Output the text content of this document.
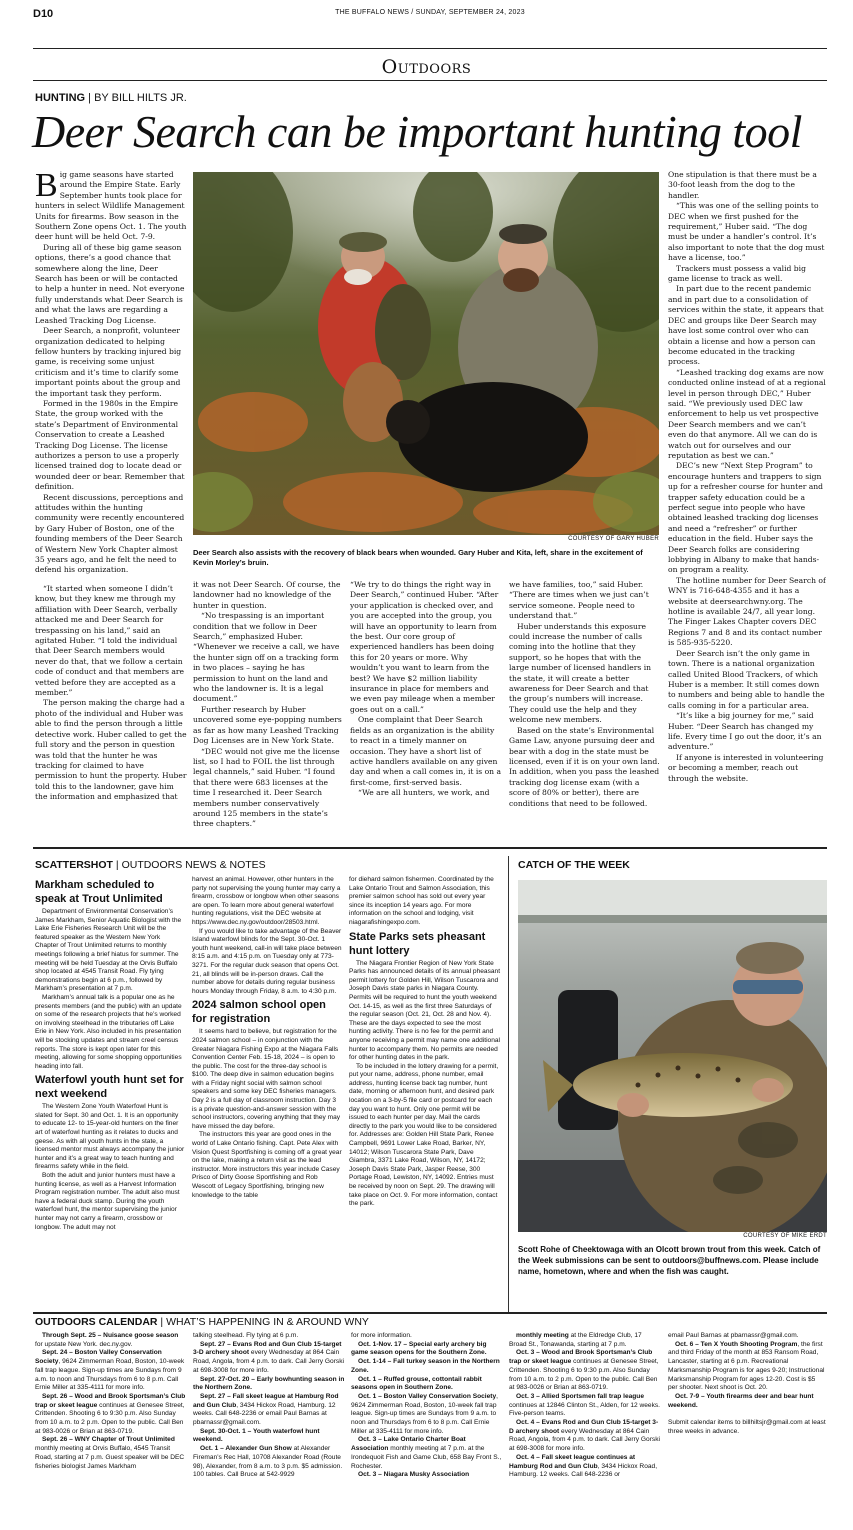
D10	THE BUFFALO NEWS / SUNDAY, SEPTEMBER 24, 2023
Outdoors
HUNTING | BY BILL HILTS JR.
Deer Search can be important hunting tool
B ig game seasons have started around the Empire State. Early September hunts took place for hunters in select Wildlife Management Units for firearms. Bow season in the Southern Zone opens Oct. 1. The youth deer hunt will be held Oct. 7-9.

During all of these big game season options, there’s a good chance that somewhere along the line, Deer Search has been or will be contacted to help a hunter in need. Not everyone fully understands what Deer Search is and what the laws are regarding a Leashed Tracking Dog License.

Deer Search, a nonprofit, volunteer organization dedicated to helping fellow hunters by tracking injured big game, is receiving some unjust criticism and it’s time to clarify some important points about the group and the important task they perform.

Formed in the 1980s in the Empire State, the group worked with the state’s Department of Environmental Conservation to create a Leashed Tracking Dog License. The license authorizes a person to use a properly licensed trained dog to locate dead or wounded deer or bear. Remember that definition.

Recent discussions, perceptions and attitudes within the hunting community were recently encountered by Gary Huber of Boston, one of the founding members of the Deer Search of Western New York Chapter almost 35 years ago, and he felt the need to defend his organization.

“It started when someone I didn’t know, but they knew me through my affiliation with Deer Search, verbally attacked me and Deer Search for trespassing on his land,” said an agitated Huber. “I told the individual that Deer Search members would never do that, that we follow a certain code of conduct and that members are vetted before they are accepted as a member.”

The person making the charge had a photo of the individual and Huber was able to find the person through a little detective work. Huber called to get the full story and the person in question was told that the hunter he was tracking for claimed to have permission to hunt the property. Huber told this to the landowner, gave him the information and emphasized that

COURTESY OF GARY HUBER
Deer Search also assists with the recovery of black bears when wounded. Gary Huber and Kita, left, share in the excitement of Kevin Morley’s bruin.

it was not Deer Search. Of course, the landowner had no knowledge of the hunter in question.

“No trespassing is an important condition that we follow in Deer Search,” emphasized Huber. “Whenever we receive a call, we have the hunter sign off on a tracking form in two places – saying he has permission to hunt on the land and who the landowner is. It is a legal document.”

Further research by Huber uncovered some eye-popping numbers as far as how many Leashed Tracking Dog Licenses are in New York State.

“DEC would not give me the license list, so I had to FOIL the list through legal channels,” said Huber. “I found that there were 683 licenses at the time I researched it. Deer Search members number conservatively around 125 members in the state’s three chapters.”

“We try to do things the right way in Deer Search,” continued Huber. “After your application is checked over, and you are accepted into the group, you will have an opportunity to learn from the best. Our core group of experienced handlers has been doing this for 20 years or more. Why wouldn’t you want to learn from the best? We have $2 million liability insurance in place for members and we even pay mileage when a member goes out on a call.”

One complaint that Deer Search fields as an organization is the ability to react in a timely manner on occasion. They have a short list of active handlers available on any given day and when a call comes in, it is on a first-come, first-served basis.

“We are all hunters, we work, and

we have families, too,” said Huber. “There are times when we just can’t service someone. People need to understand that.”

Huber understands this exposure could increase the number of calls coming into the hotline that they support, so he hopes that with the large number of licensed handlers in the state, it will create a better awareness for Deer Search and that the group’s numbers will increase. They could use the help and they welcome new members.

Based on the state’s Environmental Game Law, anyone pursuing deer and bear with a dog in the state must be licensed, even if it is on your own land. In addition, when you pass the leashed tracking dog license exam (with a score of 80% or better), there are conditions that need to be followed.

One stipulation is that there must be a 30-foot leash from the dog to the handler.

“This was one of the selling points to DEC when we first pushed for the requirement,” Huber said. “The dog must be under a handler’s control. It’s also important to note that the dog must have a license, too.”

Trackers must possess a valid big game license to track as well.

In part due to the recent pandemic and in part due to a consolidation of services within the state, it appears that DEC and groups like Deer Search may have lost some control over who can obtain a license and how a person can become educated in the tracking process.

“Leashed tracking dog exams are now conducted online instead of at a regional level in person through DEC,” Huber said. “We previously used DEC law enforcement to help us vet prospective Deer Search members and we can’t even do that anymore. All we can do is watch out for ourselves and our reputation as best we can.”

DEC’s new “Next Step Program” to encourage hunters and trappers to sign up for a refresher course for hunter and trapper safety education could be a perfect segue into people who have obtained leashed tracking dog licenses and need a “refresher” or further education in the field. Huber says the Deer Search folks are considering lobbying in Albany to make that hands-on program a reality.

The hotline number for Deer Search of WNY is 716-648-4355 and it has a website at deersearchwny.org. The hotline is available 24/7, all year long. The Finger Lakes Chapter covers DEC Regions 7 and 8 and its contact number is 585-935-5220.

Deer Search isn’t the only game in town. There is a national organization called United Blood Trackers, of which Huber is a member. It still comes down to numbers and being able to handle the calls coming in for a particular area.

“It’s like a big journey for me,” said Huber. “Deer Search has changed my life. Every time I go out the door, it’s an adventure.”

If anyone is interested in volunteering or becoming a member, reach out through the website.

SCATTERSHOT | OUTDOORS NEWS & NOTES
Markham scheduled to speak at Trout Unlimited

Department of Environmental Conservation’s James Markham, Senior Aquatic Biologist with the Lake Erie Fisheries Research Unit will be the featured speaker as the Western New York Chapter of Trout Unlimited returns to monthly meetings following a brief hiatus for summer. The meeting will be held Tuesday at the Orvis Buffalo shop located at 4545 Transit Road. Fly tying demonstrations begin at 6 p.m., followed by Markham’s presentation at 7 p.m.

Markham’s annual talk is a popular one as he presents members (and the public) with an update on some of the research projects that he’s worked on involving steelhead in the tributaries off Lake Erie in New York. Also included in his presentation will be stocking updates and stream creel census reports. The store is kept open later for this meeting, allowing for some shopping opportunities heading into fall.

Waterfowl youth hunt set for next weekend

The Western Zone Youth Waterfowl Hunt is slated for Sept. 30 and Oct. 1. It is an opportunity to educate 12- to 15-year-old hunters on the finer art of waterfowl hunting as it relates to ducks and geese. As with all youth hunts in the state, a licensed mentor must always accompany the junior hunter and it’s a great way to teach hunting and firearms safety while in the field.

Both the adult and junior hunters must have a hunting license, as well as a Harvest Information Program registration number. The adult also must have a federal duck stamp. During the youth waterfowl hunt, the mentor supervising the junior hunter may not carry a firearm, crossbow or longbow. The adult may not

harvest an animal. However, other hunters in the party not supervising the young hunter may carry a firearm, crossbow or longbow when other seasons are open. To learn more about general waterfowl hunting regulations, visit the DEC website at https://www.dec.ny.gov/outdoor/28503.html.

If you would like to take advantage of the Beaver Island waterfowl blinds for the Sept. 30-Oct. 1 youth hunt weekend, call-in will take place between 8:15 a.m. and 4:15 p.m. on Tuesday only at 773-3271. For the regular duck season that opens Oct. 21, all blinds will be in-person draws. Call the number above for details during regular business hours Monday through Friday, 8 a.m. to 4:30 p.m.

2024 salmon school open for registration

It seems hard to believe, but registration for the 2024 salmon school – in conjunction with the Greater Niagara Fishing Expo at the Niagara Falls Convention Center Feb. 15-18, 2024 – is open to the public. The cost for the three-day school is $100. The deep dive in salmon education begins with a Friday night social with salmon school speakers and some key DEC fisheries managers. Day 2 is a full day of classroom instruction. Day 3 is a private question-and-answer session with the school instructors, covering anything that they may have missed the day before.

The instructors this year are good ones in the world of Lake Ontario fishing. Capt. Pete Alex with Vision Quest Sportfishing is coming off a great year on the lake, making a return visit as the lead instructor. More instructors this year include Casey Prisco of Dirty Goose Sportfishing and Rob Wescott of Legacy Sportfishing, bringing new knowledge to the table

for diehard salmon fishermen. Coordinated by the Lake Ontario Trout and Salmon Association, this premier salmon school has sold out every year since its inception 14 years ago. For more information on the school and lodging, visit niagarafishingexpo.com.

State Parks sets pheasant hunt lottery

The Niagara Frontier Region of New York State Parks has announced details of its annual pheasant permit lottery for Golden Hill, Wilson Tuscarora and Joseph Davis state parks in Niagara County. Permits will be required to hunt the youth weekend Oct. 14-15, as well as the first three Saturdays of the regular season (Oct. 21, Oct. 28 and Nov. 4). These are the days expected to see the most hunting activity. There is no fee for the permit and anyone receiving a permit may name one additional hunter to accompany them. No permits are needed for other hunting dates in the park.

To be included in the lottery drawing for a permit, put your name, address, phone number, email address, hunting license back tag number, hunt date, morning or afternoon hunt, and desired park location on a 3-by-5 file card or postcard for each day you want to hunt. Only one permit will be issued to each hunter per day. Mail the cards directly to the park you would like to be considered for. Addresses are: Golden Hill State Park, Renee Campbell, 9691 Lower Lake Road, Barker, NY, 14012; Wilson Tuscarora State Park, Dave Giambra, 3371 Lake Road, Wilson, NY, 14172; Joseph Davis State Park, Jasper Reese, 300 Portage Road, Lewiston, NY, 14092. Entries must be received by noon on Sept. 29. The drawing will take place on Oct. 9. For more information, contact the park.

CATCH OF THE WEEK
COURTESY OF MIKE ERDT
Scott Rohe of Cheektowaga with an Olcott brown trout from this week. Catch of the Week submissions can be sent to outdoors@buffnews.com. Please include name, hometown, where and when the fish was caught.
OUTDOORS CALENDAR | WHAT’S HAPPENING IN & AROUND WNY

Through Sept. 25 – Nuisance goose season for upstate New York. dec.ny.gov.

Sept. 24 – Boston Valley Conservation Society, 9624 Zimmerman Road, Boston, 10-week fall trap league. Sign-up times are Sundays from 9 a.m. to noon and Thursdays from 6 to 8 p.m. Call Ernie Miller at 335-4111 for more info.

Sept. 26 – Wood and Brook Sportsman’s Club trap or skeet league continues at Genesee Street, Crittenden. Shooting 6 to 9:30 p.m. Also Sunday from 10 a.m. to 2 p.m. Open to the public. Call Ben at 983-0026 or Brian at 863-0719.

Sept. 26 – WNY Chapter of Trout Unlimited monthly meeting at Orvis Buffalo, 4545 Transit Road, starting at 7 p.m. Guest speaker will be DEC fisheries biologist James Markham

talking steelhead. Fly tying at 6 p.m.

Sept. 27 – Evans Rod and Gun Club 15-target 3-D archery shoot every Wednesday at 864 Cain Road, Angola, from 4 p.m. to dark. Call Jerry Gorski at 698-3008 for more info.

Sept. 27-Oct. 20 – Early bowhunting season in the Northern Zone.

Sept. 27 – Fall skeet league at Hamburg Rod and Gun Club, 3434 Hickox Road, Hamburg. 12 weeks. Call 648-2236 or email Paul Barnas at pbarnassr@gmail.com.

Sept. 30-Oct. 1 – Youth waterfowl hunt weekend.

Oct. 1 – Alexander Gun Show at Alexander Fireman’s Rec Hall, 10708 Alexander Road (Route 98), Alexander, from 8 a.m. to 3 p.m. $5 admission. 100 tables. Call Bruce at 542-9929

for more information.

Oct. 1-Nov. 17 – Special early archery big game season opens for the Southern Zone.

Oct. 1-14 – Fall turkey season in the Northern Zone.

Oct. 1 – Ruffed grouse, cottontail rabbit seasons open in Southern Zone.

Oct. 1 – Boston Valley Conservation Society, 9624 Zimmerman Road, Boston, 10-week fall trap league. Sign-up times are Sundays from 9 a.m. to noon and Thursdays from 6 to 8 p.m. Call Ernie Miller at 335-4111 for more info.

Oct. 3 – Lake Ontario Charter Boat Association monthly meeting at 7 p.m. at the Irondequoit Fish and Game Club, 658 Bay Front S., Rochester.

Oct. 3 – Niagara Musky Association

monthly meeting at the Eldredge Club, 17 Broad St., Tonawanda, starting at 7 p.m.

Oct. 3 – Wood and Brook Sportsman’s Club trap or skeet league continues at Genesee Street, Crittenden. Shooting 6 to 9:30 p.m. Also Sunday from 10 a.m. to 2 p.m. Open to the public. Call Ben at 983-0026 or Brian at 863-0719.

Oct. 3 – Allied Sportsmen fall trap league continues at 12846 Clinton St., Alden, for 12 weeks. Five-person teams.

Oct. 4 – Evans Rod and Gun Club 15-target 3-D archery shoot every Wednesday at 864 Cain Road, Angola, from 4 p.m. to dark. Call Jerry Gorski at 698-3008 for more info.

Oct. 4 – Fall skeet league continues at Hamburg Rod and Gun Club, 3434 Hickox Road, Hamburg. 12 weeks. Call 648-2236 or

email Paul Barnas at pbarnassr@gmail.com.

Oct. 6 – Ten X Youth Shooting Program, the first and third Friday of the month at 853 Ransom Road, Lancaster, starting at 6 p.m. Recreational Marksmanship Program is for ages 9-20; Instructional Marksmanship Program for ages 12-20. Cost is $5 per shooter. Next shoot is Oct. 20.

Oct. 7-9 – Youth firearms deer and bear hunt weekend.

Submit calendar items to billhiltsjr@gmail.com at least three weeks in advance.
